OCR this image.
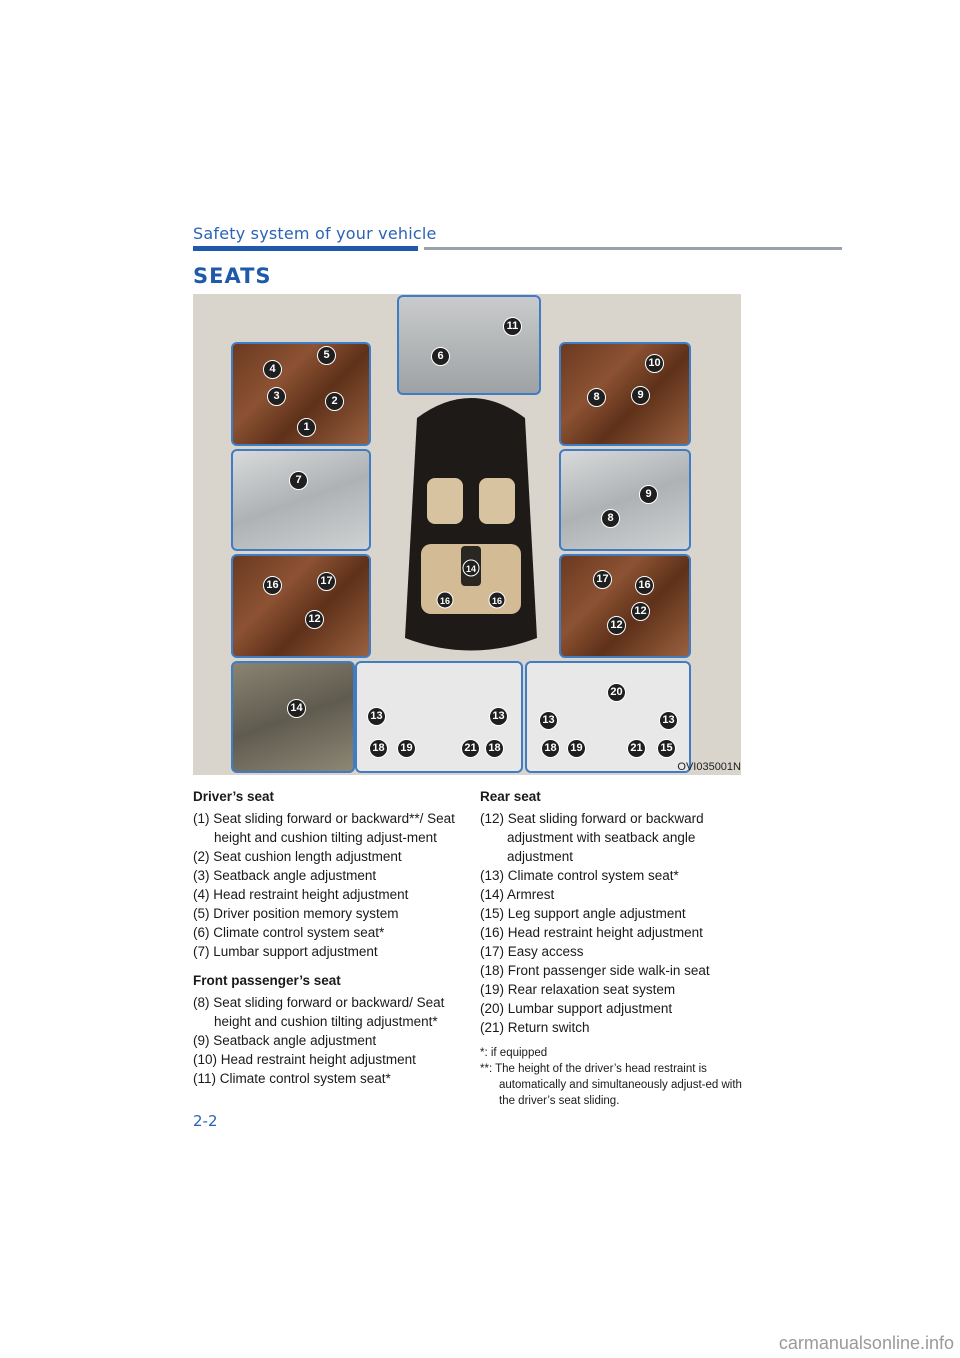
Safety system of your vehicle
SEATS
6
11
5
4
3	2
1
7
16	17
12
14
10
8	9
9
8
17	16
12
12
13	13
18	19	21	18
20
13	13
18	19	21	15
OVI035001N
14
16	16
Driver’s seat
(1) Seat sliding forward or backward**/ Seat height and cushion tilting adjust-ment
(2) Seat cushion length adjustment
(3) Seatback angle adjustment
(4) Head restraint height adjustment
(5) Driver position memory system
(6) Climate control system seat*
(7) Lumbar support adjustment
Front passenger’s seat
(8) Seat sliding forward or backward/ Seat height and cushion tilting adjustment*
(9) Seatback angle adjustment
(10) Head restraint height adjustment
(11) Climate control system seat*
Rear seat
(12) Seat sliding forward or backward adjustment with seatback angle adjustment
(13) Climate control system seat*
(14) Armrest
(15) Leg support angle adjustment
(16) Head restraint height adjustment
(17) Easy access
(18) Front passenger side walk-in seat
(19) Rear relaxation seat system
(20) Lumbar support adjustment
(21) Return switch
*: if equipped
**: The height of the driver’s head restraint is automatically and simultaneously adjust-ed with the driver’s seat sliding.
2-2
carmanualsonline.info
